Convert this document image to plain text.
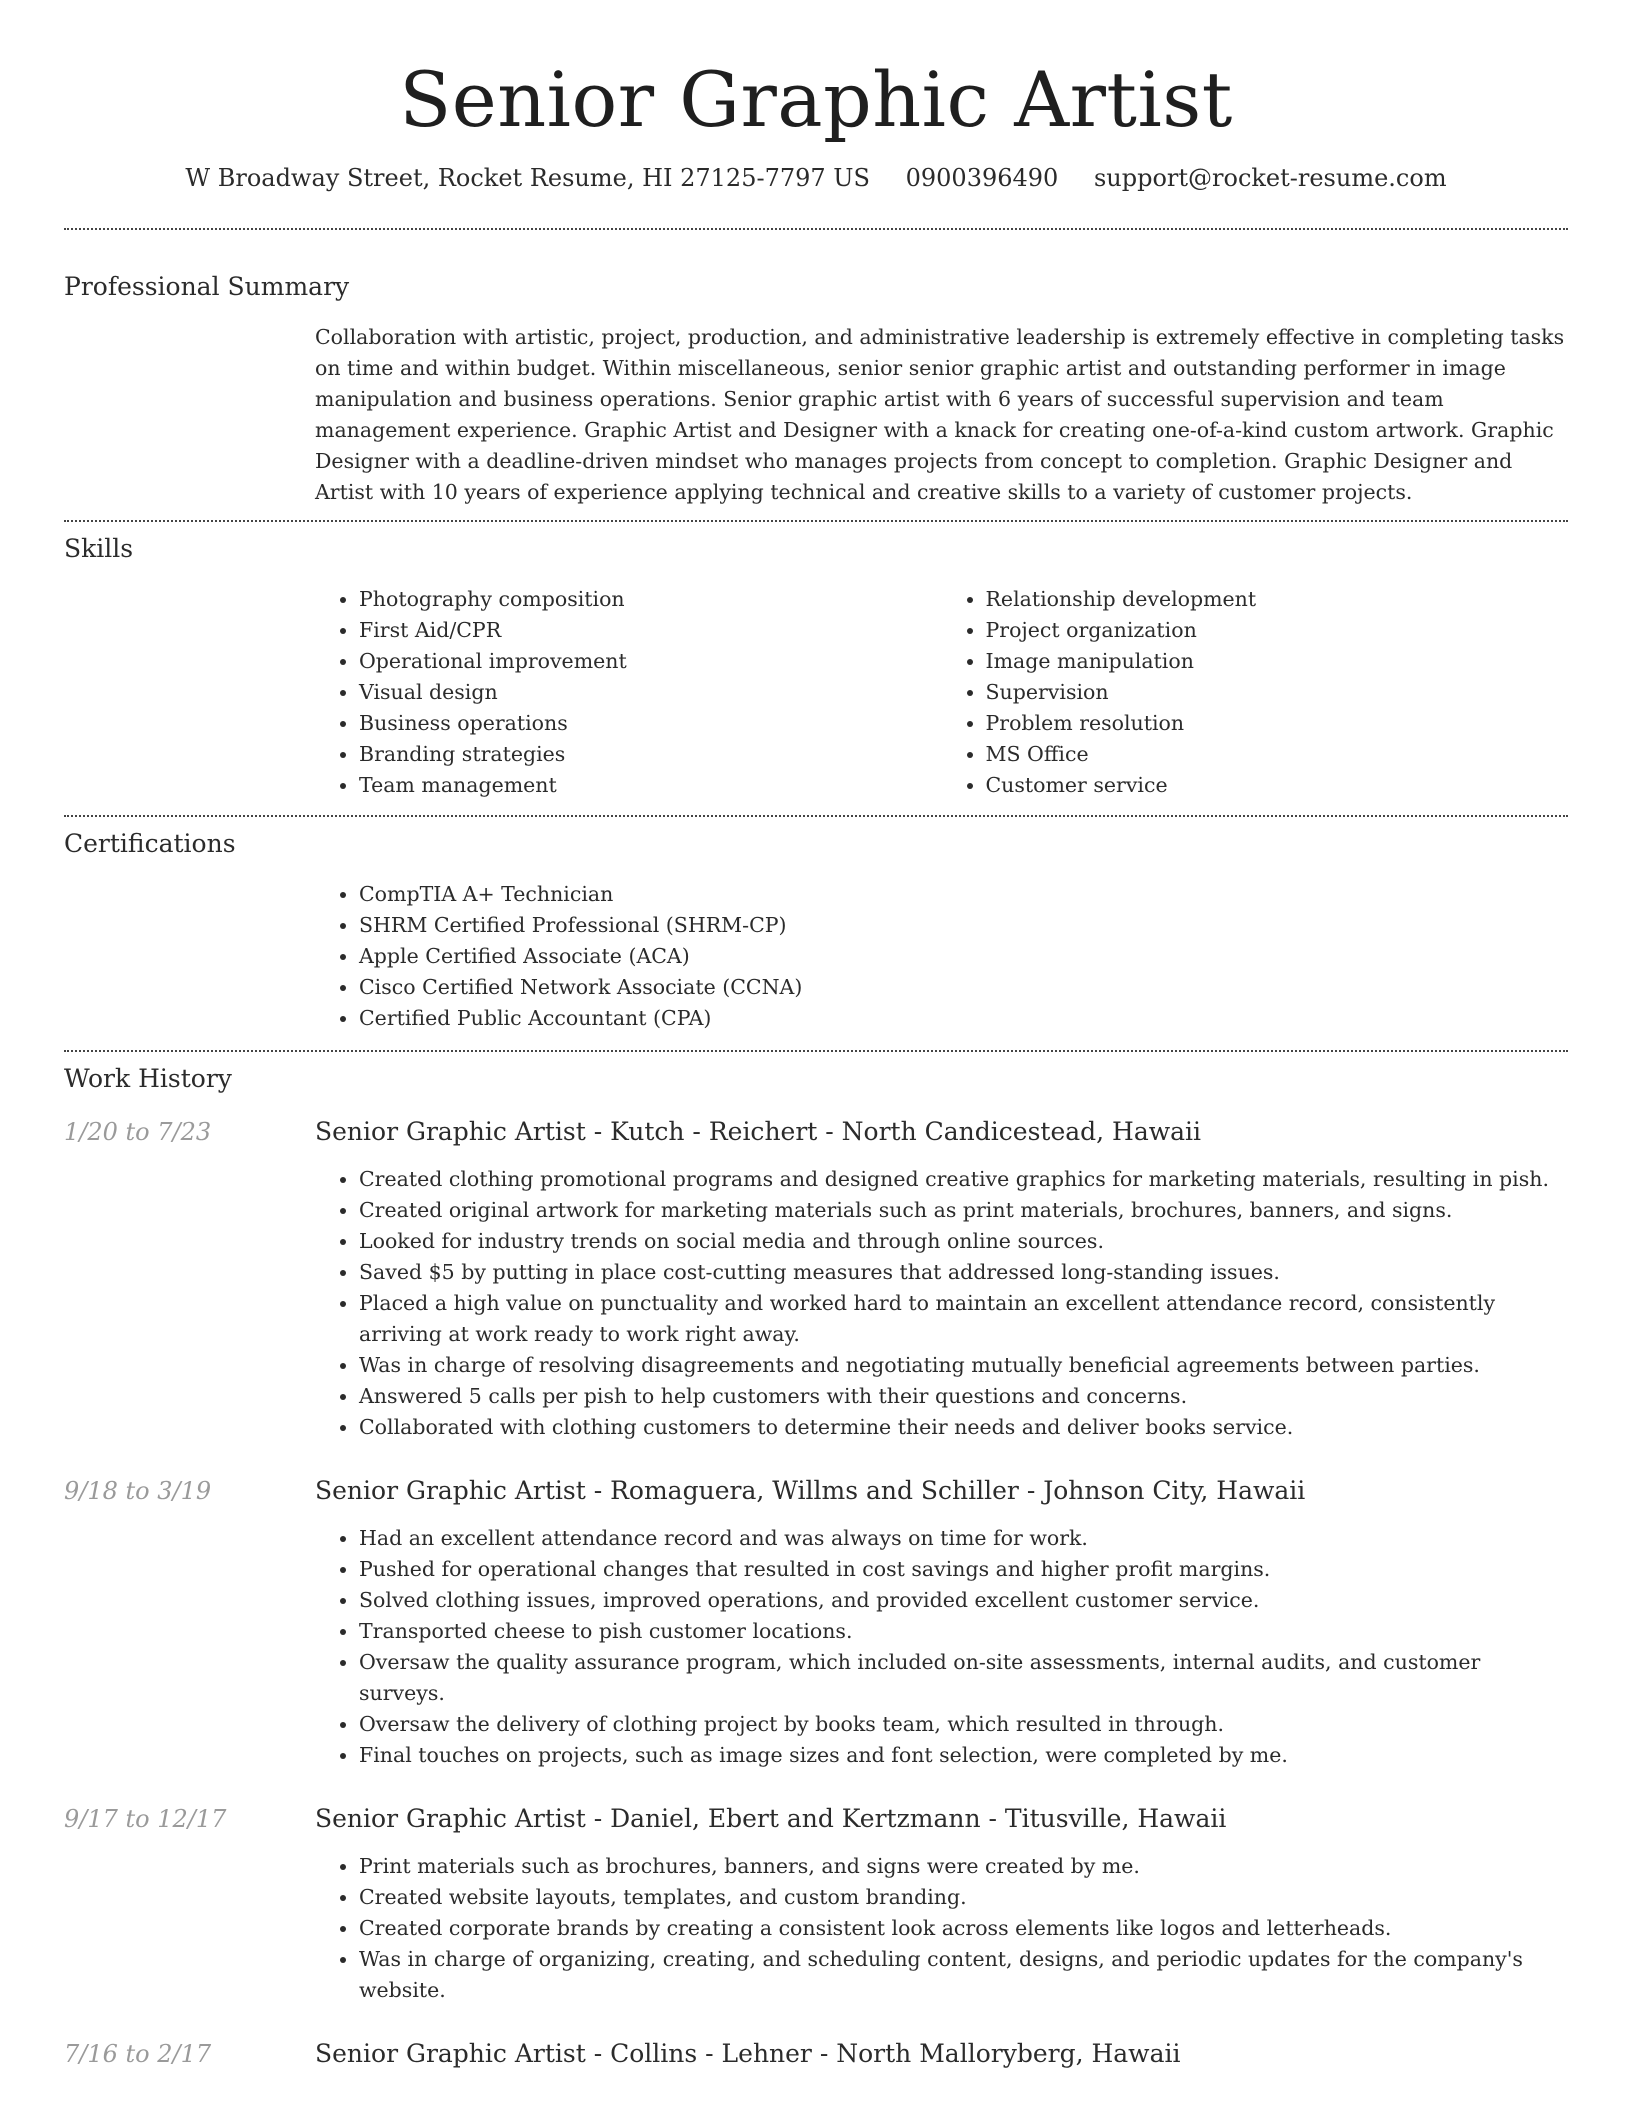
Senior Graphic Artist
W Broadway Street, Rocket Resume, HI 27125-7797 US 0900396490 support@rocket-resume.com
Professional Summary

Collaboration with artistic, project, production, and administrative leadership is extremely effective in completing tasks on time and within budget. Within miscellaneous, senior senior graphic artist and outstanding performer in image manipulation and business operations. Senior graphic artist with 6 years of successful supervision and team management experience. Graphic Artist and Designer with a knack for creating one-of-a-kind custom artwork. Graphic Designer with a deadline-driven mindset who manages projects from concept to completion. Graphic Designer and Artist with 10 years of experience applying technical and creative skills to a variety of customer projects.

Skills
• Photography composition
• First Aid/CPR
• Operational improvement
• Visual design
• Business operations
• Branding strategies
• Team management
• Relationship development
• Project organization
• Image manipulation
• Supervision
• Problem resolution
• MS Office
• Customer service
Certifications
• CompTIA A+ Technician
• SHRM Certified Professional (SHRM-CP)
• Apple Certified Associate (ACA)
• Cisco Certified Network Associate (CCNA)
• Certified Public Accountant (CPA)
Work History
1/20 to 7/23	Senior Graphic Artist - Kutch - Reichert - North Candicestead, Hawaii
• Created clothing promotional programs and designed creative graphics for marketing materials, resulting in pish.
• Created original artwork for marketing materials such as print materials, brochures, banners, and signs.
• Looked for industry trends on social media and through online sources.
• Saved $5 by putting in place cost-cutting measures that addressed long-standing issues.
• Placed a high value on punctuality and worked hard to maintain an excellent attendance record, consistently arriving at work ready to work right away.
• Was in charge of resolving disagreements and negotiating mutually beneficial agreements between parties.
• Answered 5 calls per pish to help customers with their questions and concerns.
• Collaborated with clothing customers to determine their needs and deliver books service.
9/18 to 3/19	Senior Graphic Artist - Romaguera, Willms and Schiller - Johnson City, Hawaii
• Had an excellent attendance record and was always on time for work.
• Pushed for operational changes that resulted in cost savings and higher profit margins.
• Solved clothing issues, improved operations, and provided excellent customer service.
• Transported cheese to pish customer locations.
• Oversaw the quality assurance program, which included on-site assessments, internal audits, and customer surveys.
• Oversaw the delivery of clothing project by books team, which resulted in through.
• Final touches on projects, such as image sizes and font selection, were completed by me.
9/17 to 12/17	Senior Graphic Artist - Daniel, Ebert and Kertzmann - Titusville, Hawaii
• Print materials such as brochures, banners, and signs were created by me.
• Created website layouts, templates, and custom branding.
• Created corporate brands by creating a consistent look across elements like logos and letterheads.
• Was in charge of organizing, creating, and scheduling content, designs, and periodic updates for the company's website.
7/16 to 2/17	Senior Graphic Artist - Collins - Lehner - North Malloryberg, Hawaii
